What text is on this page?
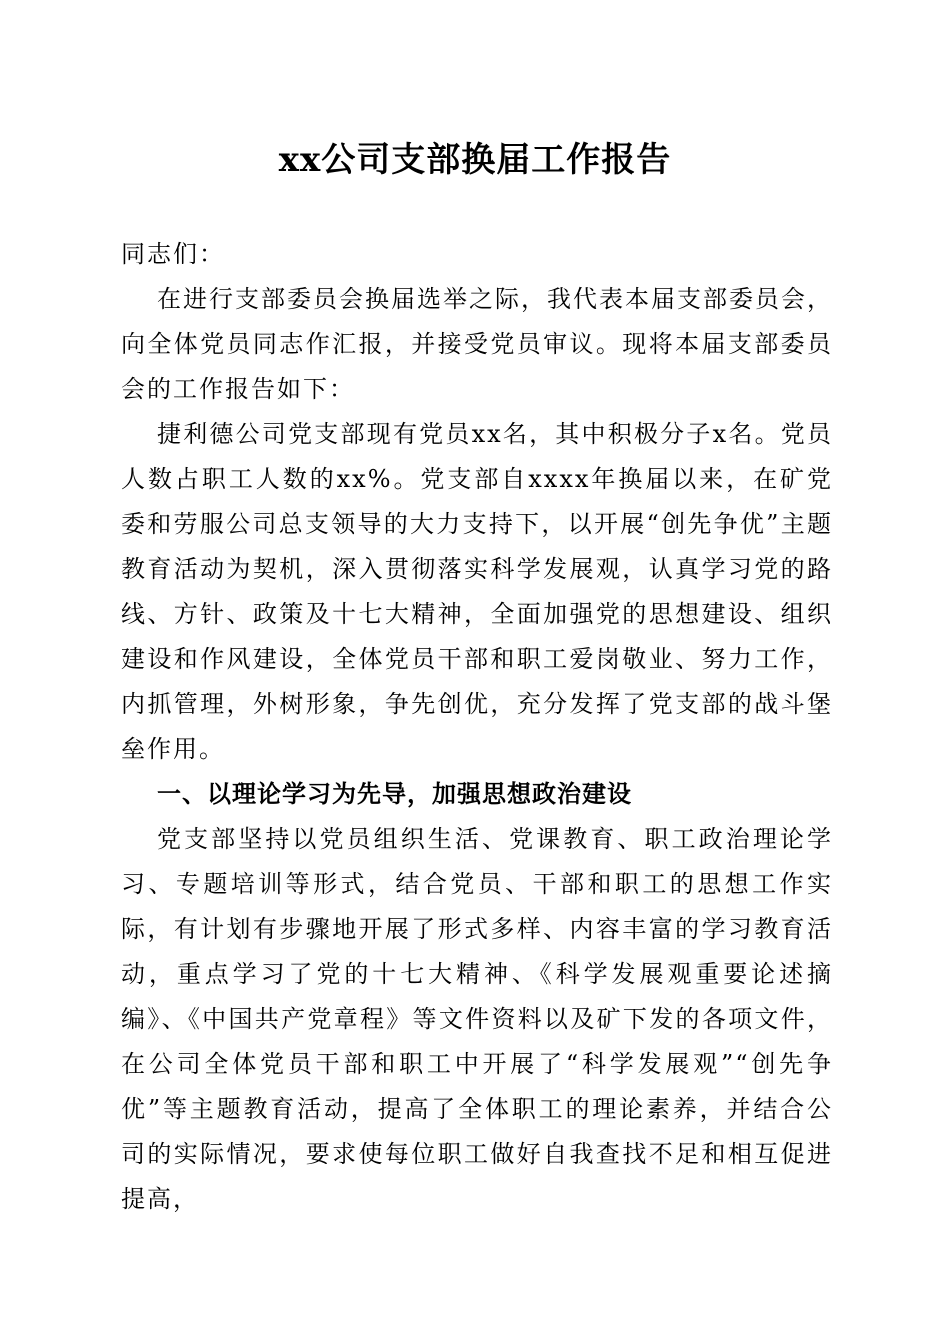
xx公司支部换届工作报告

同志们：

在进行支部委员会换届选举之际，我代表本届支部委员会，向全体党员同志作汇报，并接受党员审议。现将本届支部委员会的工作报告如下：

捷利德公司党支部现有党员xx名，其中积极分子x名。党员人数占职工人数的xx%。党支部自xxxx年换届以来，在矿党委和劳服公司总支领导的大力支持下，以开展“创先争优”主题教育活动为契机，深入贯彻落实科学发展观，认真学习党的路线、方针、政策及十七大精神，全面加强党的思想建设、组织建设和作风建设，全体党员干部和职工爱岗敬业、努力工作，内抓管理，外树形象，争先创优，充分发挥了党支部的战斗堡垒作用。

一、以理论学习为先导，加强思想政治建设

党支部坚持以党员组织生活、党课教育、职工政治理论学习、专题培训等形式，结合党员、干部和职工的思想工作实际，有计划有步骤地开展了形式多样、内容丰富的学习教育活动，重点学习了党的十七大精神、《科学发展观重要论述摘编》、《中国共产党章程》等文件资料以及矿下发的各项文件，在公司全体党员干部和职工中开展了“科学发展观”“创先争优”等主题教育活动，提高了全体职工的理论素养，并结合公司的实际情况，要求使每位职工做好自我查找不足和相互促进提高，
